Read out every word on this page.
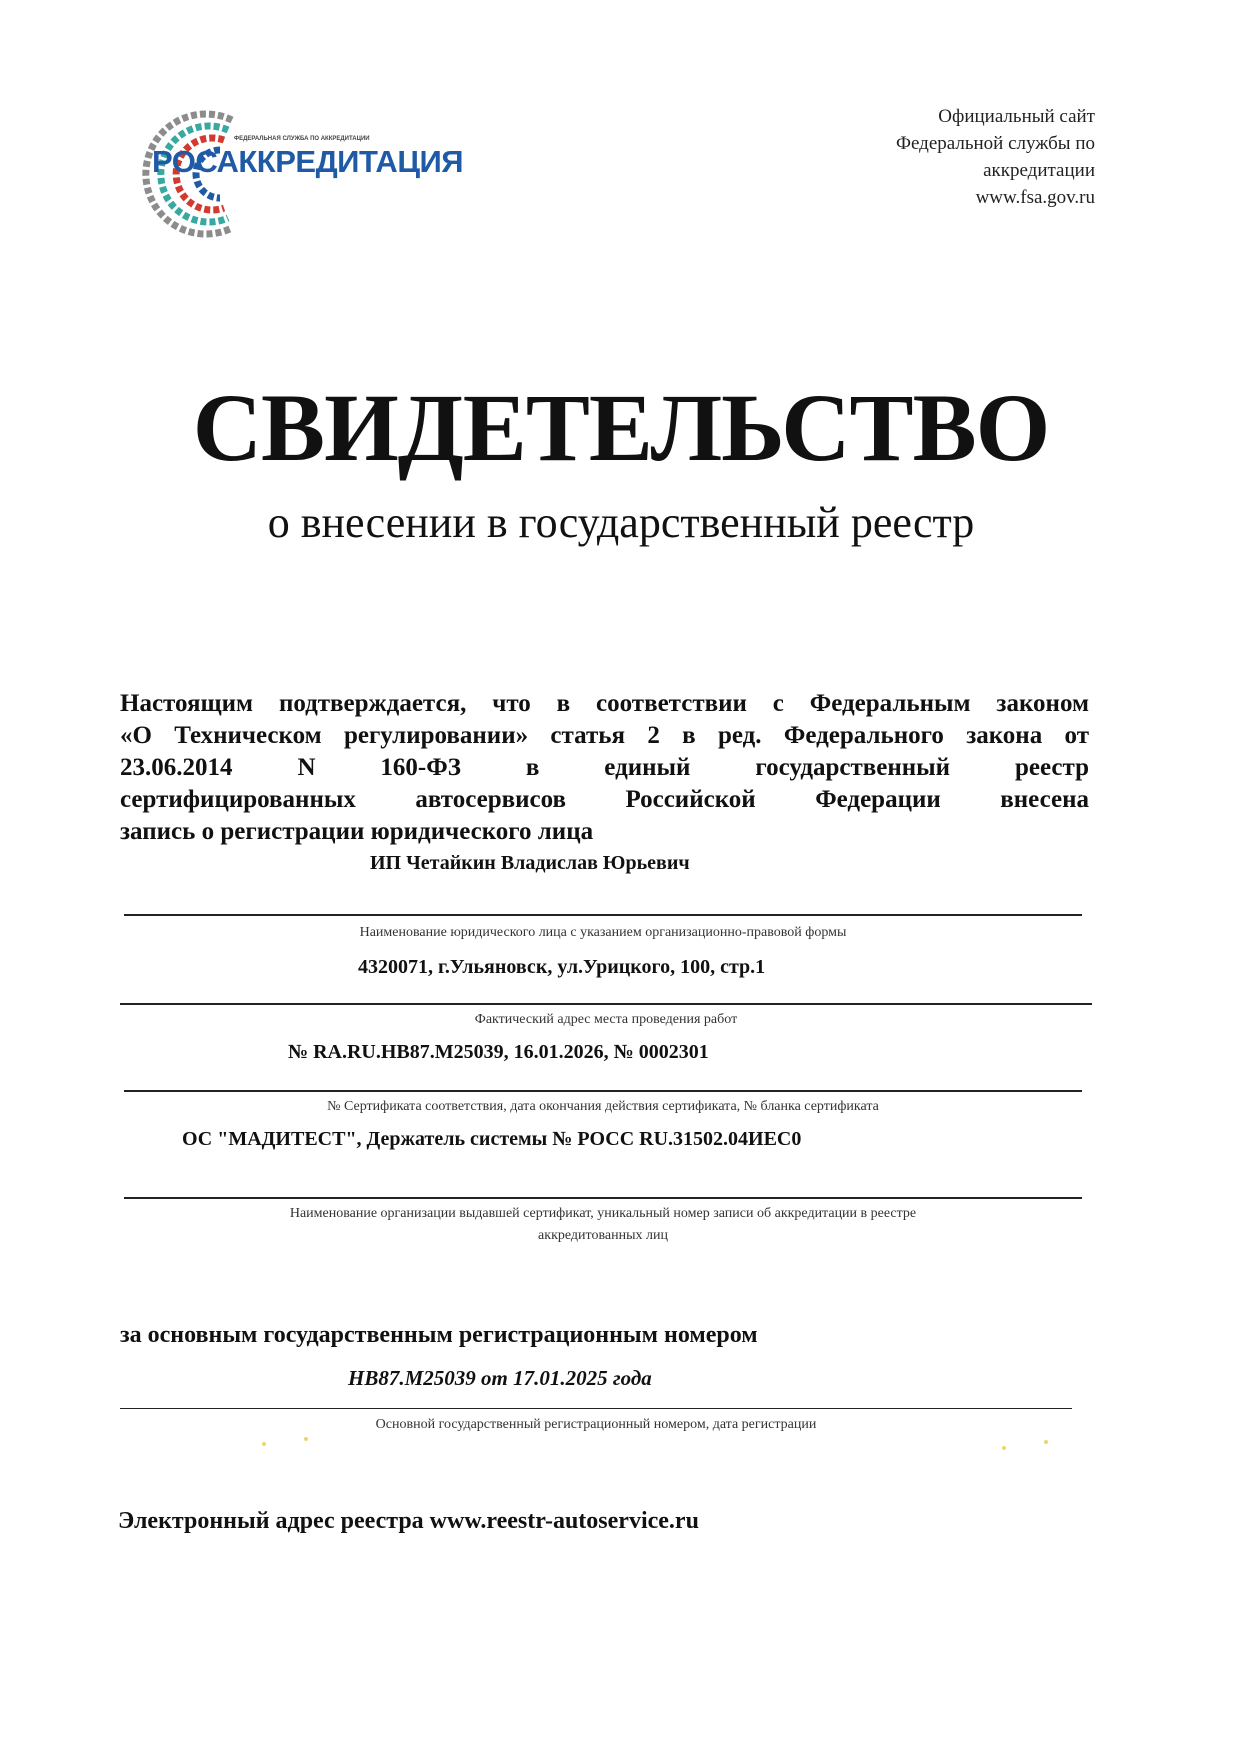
ФЕДЕРАЛЬНАЯ СЛУЖБА ПО АККРЕДИТАЦИИ
РОСАККРЕДИТАЦИЯ
Официальный сайт
Федеральной службы по
аккредитации
www.fsa.gov.ru
СВИДЕТЕЛЬСТВО
о внесении в государственный реестр
Настоящим подтверждается, что в соответствии с Федеральным законом
«О Техническом регулировании» статья 2 в ред. Федерального закона от
23.06.2014 N 160-ФЗ в единый государственный реестр
сертифицированных автосервисов Российской Федерации внесена
запись о регистрации юридического лица
ИП Четайкин Владислав Юрьевич
Наименование юридического лица с указанием организационно-правовой формы
4320071, г.Ульяновск, ул.Урицкого, 100, стр.1
Фактический адрес места проведения работ
№ RA.RU.HB87.M25039, 16.01.2026, № 0002301
№ Сертификата соответствия, дата окончания действия сертификата, № бланка сертификата
ОС "МАДИТЕСТ", Держатель системы № РОСС RU.31502.04ИЕС0
Наименование организации выдавшей сертификат, уникальный номер записи об аккредитации в реестре
аккредитованных лиц
за основным государственным регистрационным номером
HB87.M25039 от 17.01.2025 года
Основной государственный регистрационный номером, дата регистрации
Электронный адрес реестра www.reestr-autoservice.ru
